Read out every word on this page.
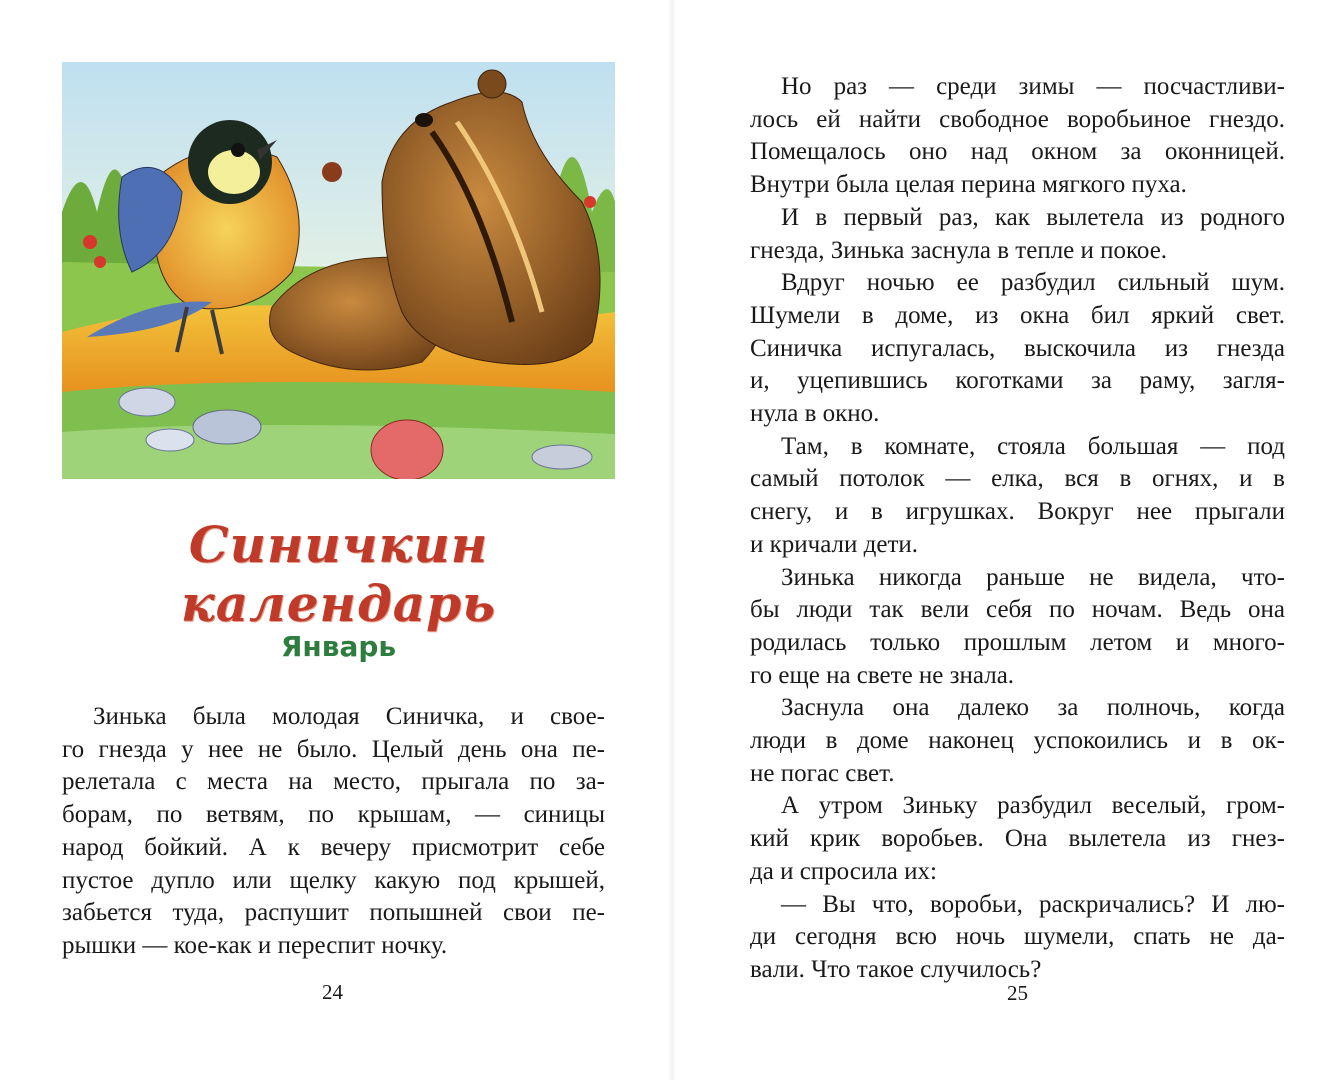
Синичкин календарь
Январь

Зинька была молодая Синичка, и свое-

го гнезда у нее не было. Целый день она пе-

релетала с места на место, прыгала по за-

борам, по ветвям, по крышам, — синицы

народ бойкий. А к вечеру присмотрит себе

пустое дупло или щелку какую под крышей,

забьется туда, распушит попышней свои пе-

рышки — кое-как и переспит ночку.

24

Но раз — среди зимы — посчастливи-

лось ей найти свободное воробьиное гнездо.

Помещалось оно над окном за оконницей.

Внутри была целая перина мягкого пуха.

И в первый раз, как вылетела из родного

гнезда, Зинька заснула в тепле и покое.

Вдруг ночью ее разбудил сильный шум.

Шумели в доме, из окна бил яркий свет.

Синичка испугалась, выскочила из гнезда

и, уцепившись коготками за раму, загля-

нула в окно.

Там, в комнате, стояла большая — под

самый потолок — елка, вся в огнях, и в

снегу, и в игрушках. Вокруг нее прыгали

и кричали дети.

Зинька никогда раньше не видела, что-

бы люди так вели себя по ночам. Ведь она

родилась только прошлым летом и много-

го еще на свете не знала.

Заснула она далеко за полночь, когда

люди в доме наконец успокоились и в ок-

не погас свет.

А утром Зиньку разбудил веселый, гром-

кий крик воробьев. Она вылетела из гнез-

да и спросила их:

— Вы что, воробьи, раскричались? И лю-

ди сегодня всю ночь шумели, спать не да-

вали. Что такое случилось?

25
